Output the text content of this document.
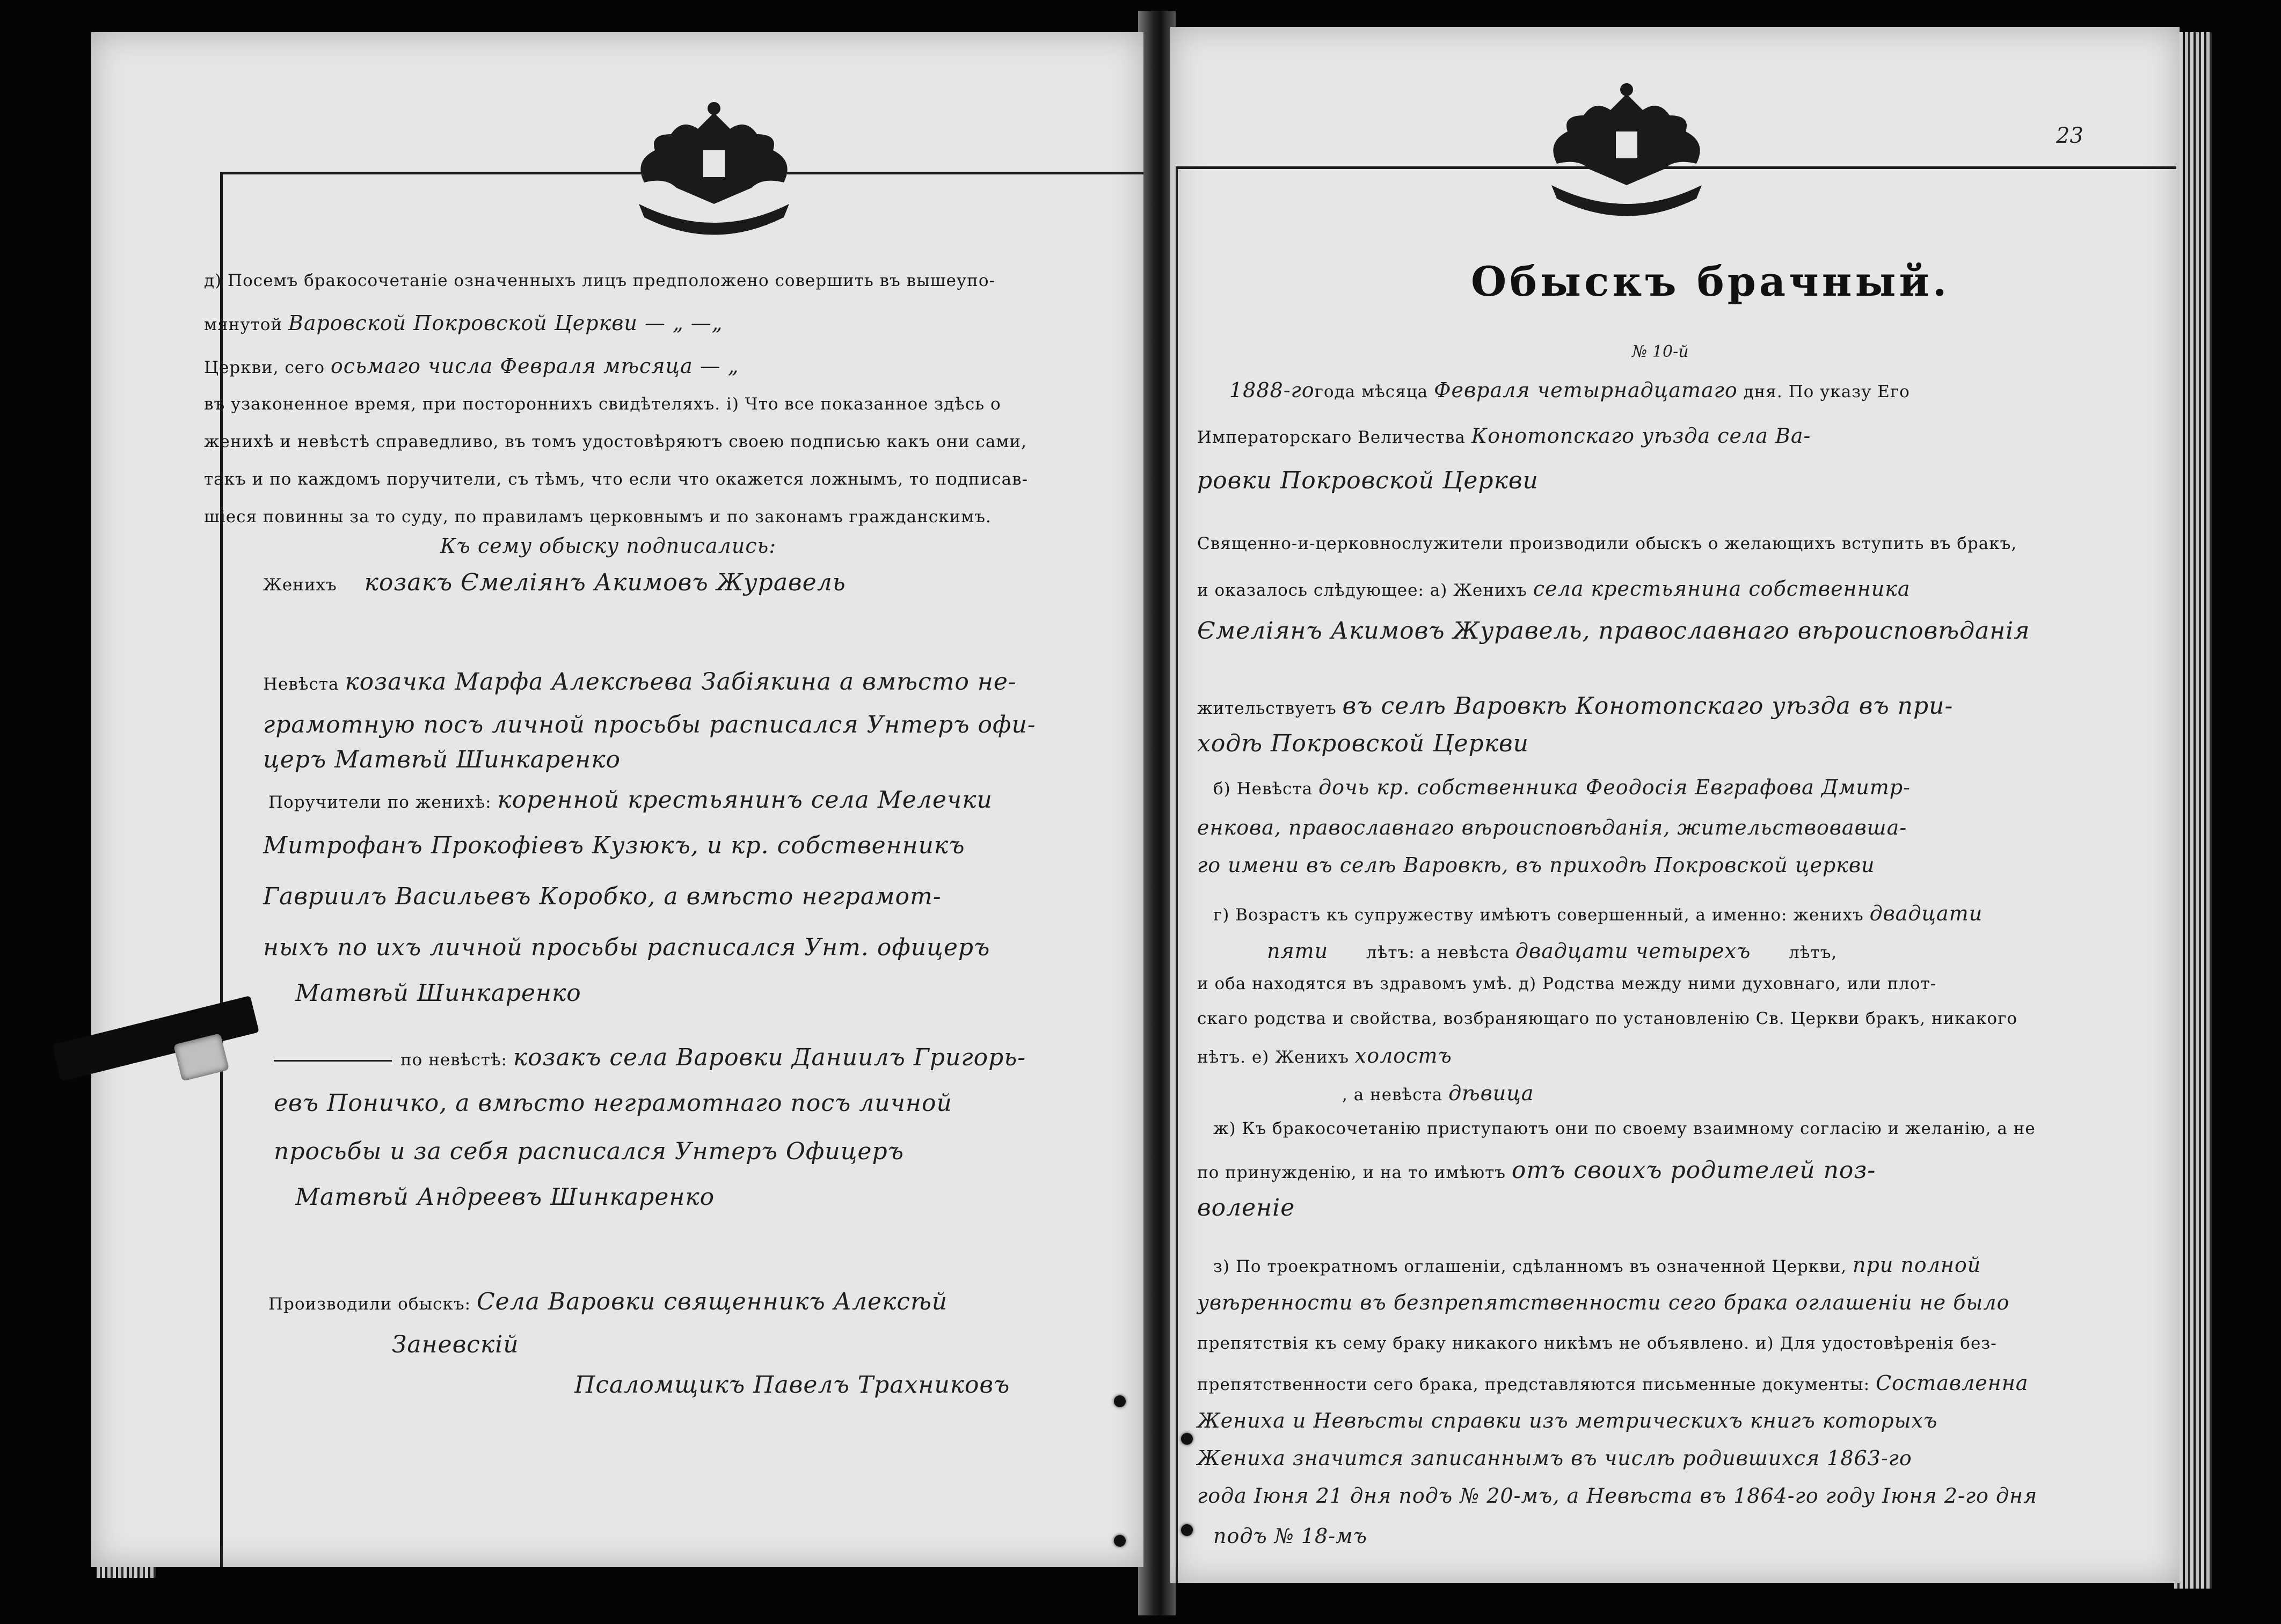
д) Посемъ бракосочетанiе означенныхъ лицъ предположено совершить въ вышеупо-
мянутой Варовской Покровской Церкви — „ —„
Церкви, сего осьмаго числа Февраля мѣсяца — „
въ узаконенное время, при постороннихъ свидѣтеляхъ. і) Что все показанное здѣсь о
женихѣ и невѣстѣ справедливо, въ томъ удостовѣряютъ своею подписью какъ они сами,
такъ и по каждомъ поручители, съ тѣмъ, что если что окажется ложнымъ, то подписав-
шiеся повинны за то суду, по правиламъ церковнымъ и по законамъ гражданскимъ.
Къ сему обыску подписались:
Женихъ козакъ Ємелiянъ Акимовъ Журавель
Невѣста козачка Марфа Алексѣева Забiякина а вмѣсто не-
грамотную посъ личной просьбы расписался Унтеръ офи-
церъ Матвѣй Шинкаренко
Поручители по женихѣ: коренной крестьянинъ села Мелечки
Митрофанъ Прокофiевъ Кузюкъ, и кр. собственникъ
Гавриилъ Васильевъ Коробко, а вмѣсто неграмот-
ныхъ по ихъ личной просьбы расписался Унт. офицеръ
Матвѣй Шинкаренко
по невѣстѣ: козакъ села Варовки Даниилъ Григорь-
евъ Поничко, а вмѣсто неграмотнаго посъ личной
просьбы и за себя расписался Унтеръ Офицеръ
Матвѣй Андреевъ Шинкаренко
Производили обыскъ: Села Варовки священникъ Алексѣй
Заневскiй
Псаломщикъ Павелъ Трахниковъ
23
Обыскъ брачный.
№ 10-й
1888-гогода мѣсяца Февраля четырнадцатаго дня. По указу Его
Императорскаго Величества Конотопскаго уѣзда села Ва-
ровки Покровской Церкви
Священно-и-церковнослужители производили обыскъ о желающихъ вступить въ бракъ,
и оказалось слѣдующее: а) Женихъ села крестьянина собственника
Ємелiянъ Акимовъ Журавель, православнаго вѣроисповѣданiя
жительствуетъ въ селѣ Варовкѣ Конотопскаго уѣзда въ при-
ходѣ Покровской Церкви
б) Невѣста дочь кр. собственника Феодосiя Евграфова Дмитр-
енкова, православнаго вѣроисповѣданiя, жительствовавша-
го имени въ селѣ Варовкѣ, въ приходѣ Покровской церкви
г) Возрастъ къ супружеству имѣютъ совершенный, а именно: женихъ двадцати
пяти лѣтъ: а невѣста двадцати четырехъ лѣтъ,
и оба находятся въ здравомъ умѣ. д) Родства между ними духовнаго, или плот-
скаго родства и свойства, возбраняющаго по установленiю Св. Церкви бракъ, никакого
нѣтъ. е) Женихъ холостъ
, а невѣста дѣвица
ж) Къ бракосочетанiю приступаютъ они по своему взаимному согласiю и желанiю, а не
по принужденiю, и на то имѣютъ отъ своихъ родителей поз-
воленiе
з) По троекратномъ оглашенiи, сдѣланномъ въ означенной Церкви, при полной
увѣренности въ безпрепятственности сего брака оглашенiи не было
препятствiя къ сему браку никакого никѣмъ не объявлено. и) Для удостовѣренiя без-
препятственности сего брака, представляются письменные документы: Составленна
Жениха и Невѣсты справки изъ метрическихъ книгъ которыхъ
Жениха значится записаннымъ въ числѣ родившихся 1863-го
года Iюня 21 дня подъ № 20-мъ, а Невѣста въ 1864-го году Iюня 2-го дня
подъ № 18-мъ
